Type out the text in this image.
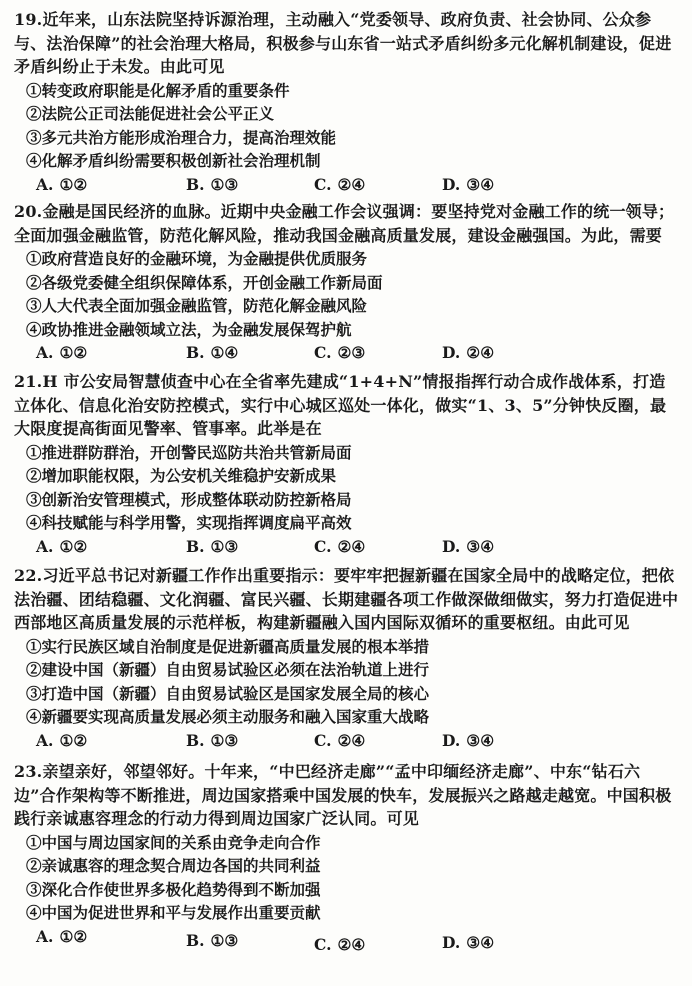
19.近年来，山东法院坚持诉源治理，主动融入“党委领导、政府负责、社会协同、公众参与、法治保障”的社会治理大格局，积极参与山东省一站式矛盾纠纷多元化解机制建设，促进矛盾纠纷止于未发。由此可见

①转变政府职能是化解矛盾的重要条件

②法院公正司法能促进社会公平正义

③多元共治方能形成治理合力，提高治理效能

④化解矛盾纠纷需要积极创新社会治理机制

A. ①②	B. ①③	C. ②④	D. ③④

20.金融是国民经济的血脉。近期中央金融工作会议强调：要坚持党对金融工作的统一领导；全面加强金融监管，防范化解风险，推动我国金融高质量发展，建设金融强国。为此，需要

①政府营造良好的金融环境，为金融提供优质服务

②各级党委健全组织保障体系，开创金融工作新局面

③人大代表全面加强金融监管，防范化解金融风险

④政协推进金融领域立法，为金融发展保驾护航

A. ①②	B. ①④	C. ②③	D. ②④

21.H 市公安局智慧侦查中心在全省率先建成“1+4+N”情报指挥行动合成作战体系，打造立体化、信息化治安防控模式，实行中心城区巡处一体化，做实“1、3、5”分钟快反圈，最大限度提高街面见警率、管事率。此举是在

①推进群防群治，开创警民巡防共治共管新局面

②增加职能权限，为公安机关维稳护安新成果

③创新治安管理模式，形成整体联动防控新格局

④科技赋能与科学用警，实现指挥调度扁平高效

A. ①②	B. ①③	C. ②④	D. ③④

22.习近平总书记对新疆工作作出重要指示：要牢牢把握新疆在国家全局中的战略定位，把依法治疆、团结稳疆、文化润疆、富民兴疆、长期建疆各项工作做深做细做实，努力打造促进中西部地区高质量发展的示范样板，构建新疆融入国内国际双循环的重要枢纽。由此可见

①实行民族区域自治制度是促进新疆高质量发展的根本举措

②建设中国（新疆）自由贸易试验区必须在法治轨道上进行

③打造中国（新疆）自由贸易试验区是国家发展全局的核心

④新疆要实现高质量发展必须主动服务和融入国家重大战略

A. ①②	B. ①③	C. ②④	D. ③④

23.亲望亲好，邻望邻好。十年来，“中巴经济走廊”“孟中印缅经济走廊”、中东“钻石六边”合作架构等不断推进，周边国家搭乘中国发展的快车，发展振兴之路越走越宽。中国积极践行亲诚惠容理念的行动力得到周边国家广泛认同。可见

①中国与周边国家间的关系由竞争走向合作

②亲诚惠容的理念契合周边各国的共同利益

③深化合作使世界多极化趋势得到不断加强

④中国为促进世界和平与发展作出重要贡献

A. ①②	B. ①③	C. ②④	D. ③④
